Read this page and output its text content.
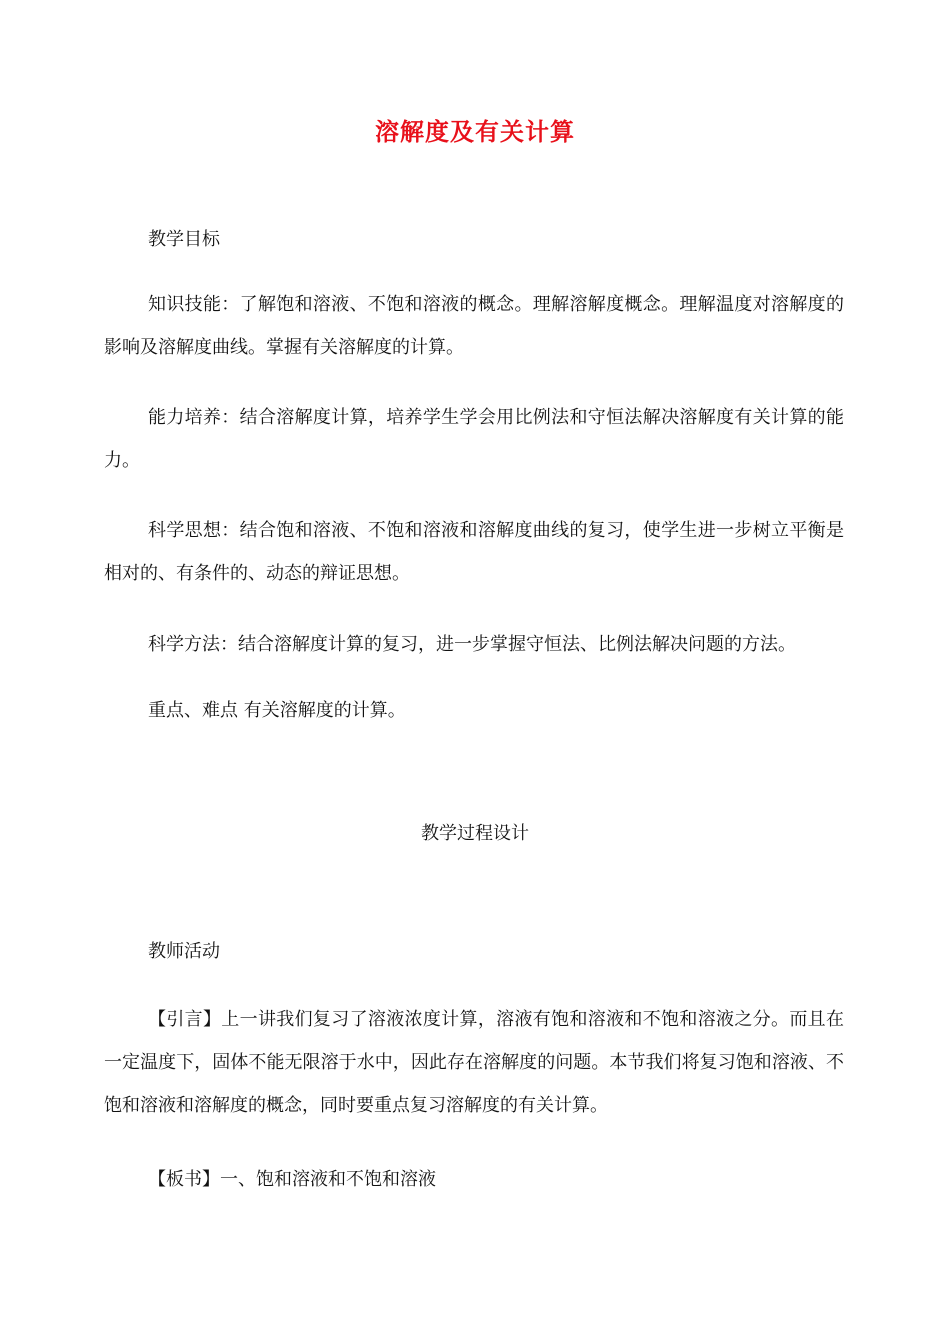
溶解度及有关计算

教学目标

知识技能：了解饱和溶液、不饱和溶液的概念。理解溶解度概念。理解温度对溶解度的影响及溶解度曲线。掌握有关溶解度的计算。

能力培养：结合溶解度计算，培养学生学会用比例法和守恒法解决溶解度有关计算的能力。

科学思想：结合饱和溶液、不饱和溶液和溶解度曲线的复习，使学生进一步树立平衡是相对的、有条件的、动态的辩证思想。

科学方法：结合溶解度计算的复习，进一步掌握守恒法、比例法解决问题的方法。

重点、难点 有关溶解度的计算。

教学过程设计

教师活动

【引言】上一讲我们复习了溶液浓度计算，溶液有饱和溶液和不饱和溶液之分。而且在一定温度下，固体不能无限溶于水中，因此存在溶解度的问题。本节我们将复习饱和溶液、不饱和溶液和溶解度的概念，同时要重点复习溶解度的有关计算。

【板书】一、饱和溶液和不饱和溶液
